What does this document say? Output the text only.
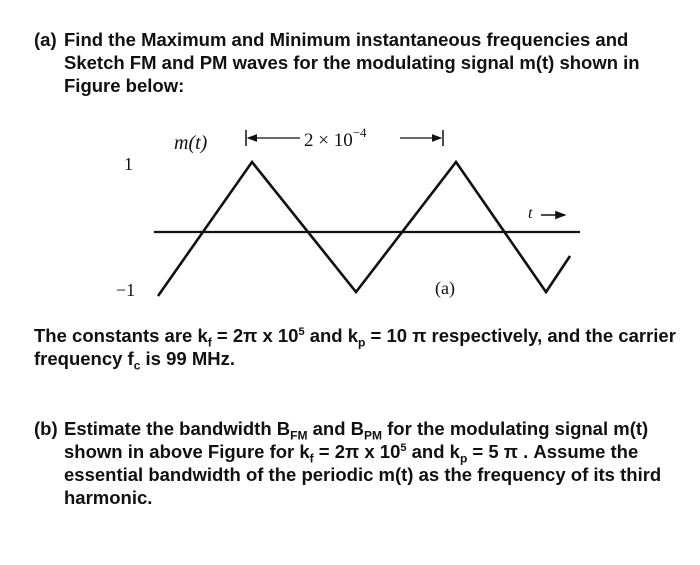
(a) Find the Maximum and Minimum instantaneous frequencies and Sketch FM and PM waves for the modulating signal m(t) shown in Figure below:
m(t)
1
−1
$2 \times 10^{-4}$
t
(a)
The constants are $k_f = 2\pi$ x $10^5$ and $k_p = 10$ π respectively, and the carrier frequency $f_c$ is 99 MHz.
(b) Estimate the bandwidth $B_{FM}$ and $B_{PM}$ for the modulating signal m(t) shown in above Figure for $k_f = 2\pi$ x $10^5$ and $k_p = 5$ π . Assume the essential bandwidth of the periodic m(t) as the frequency of its third harmonic.
